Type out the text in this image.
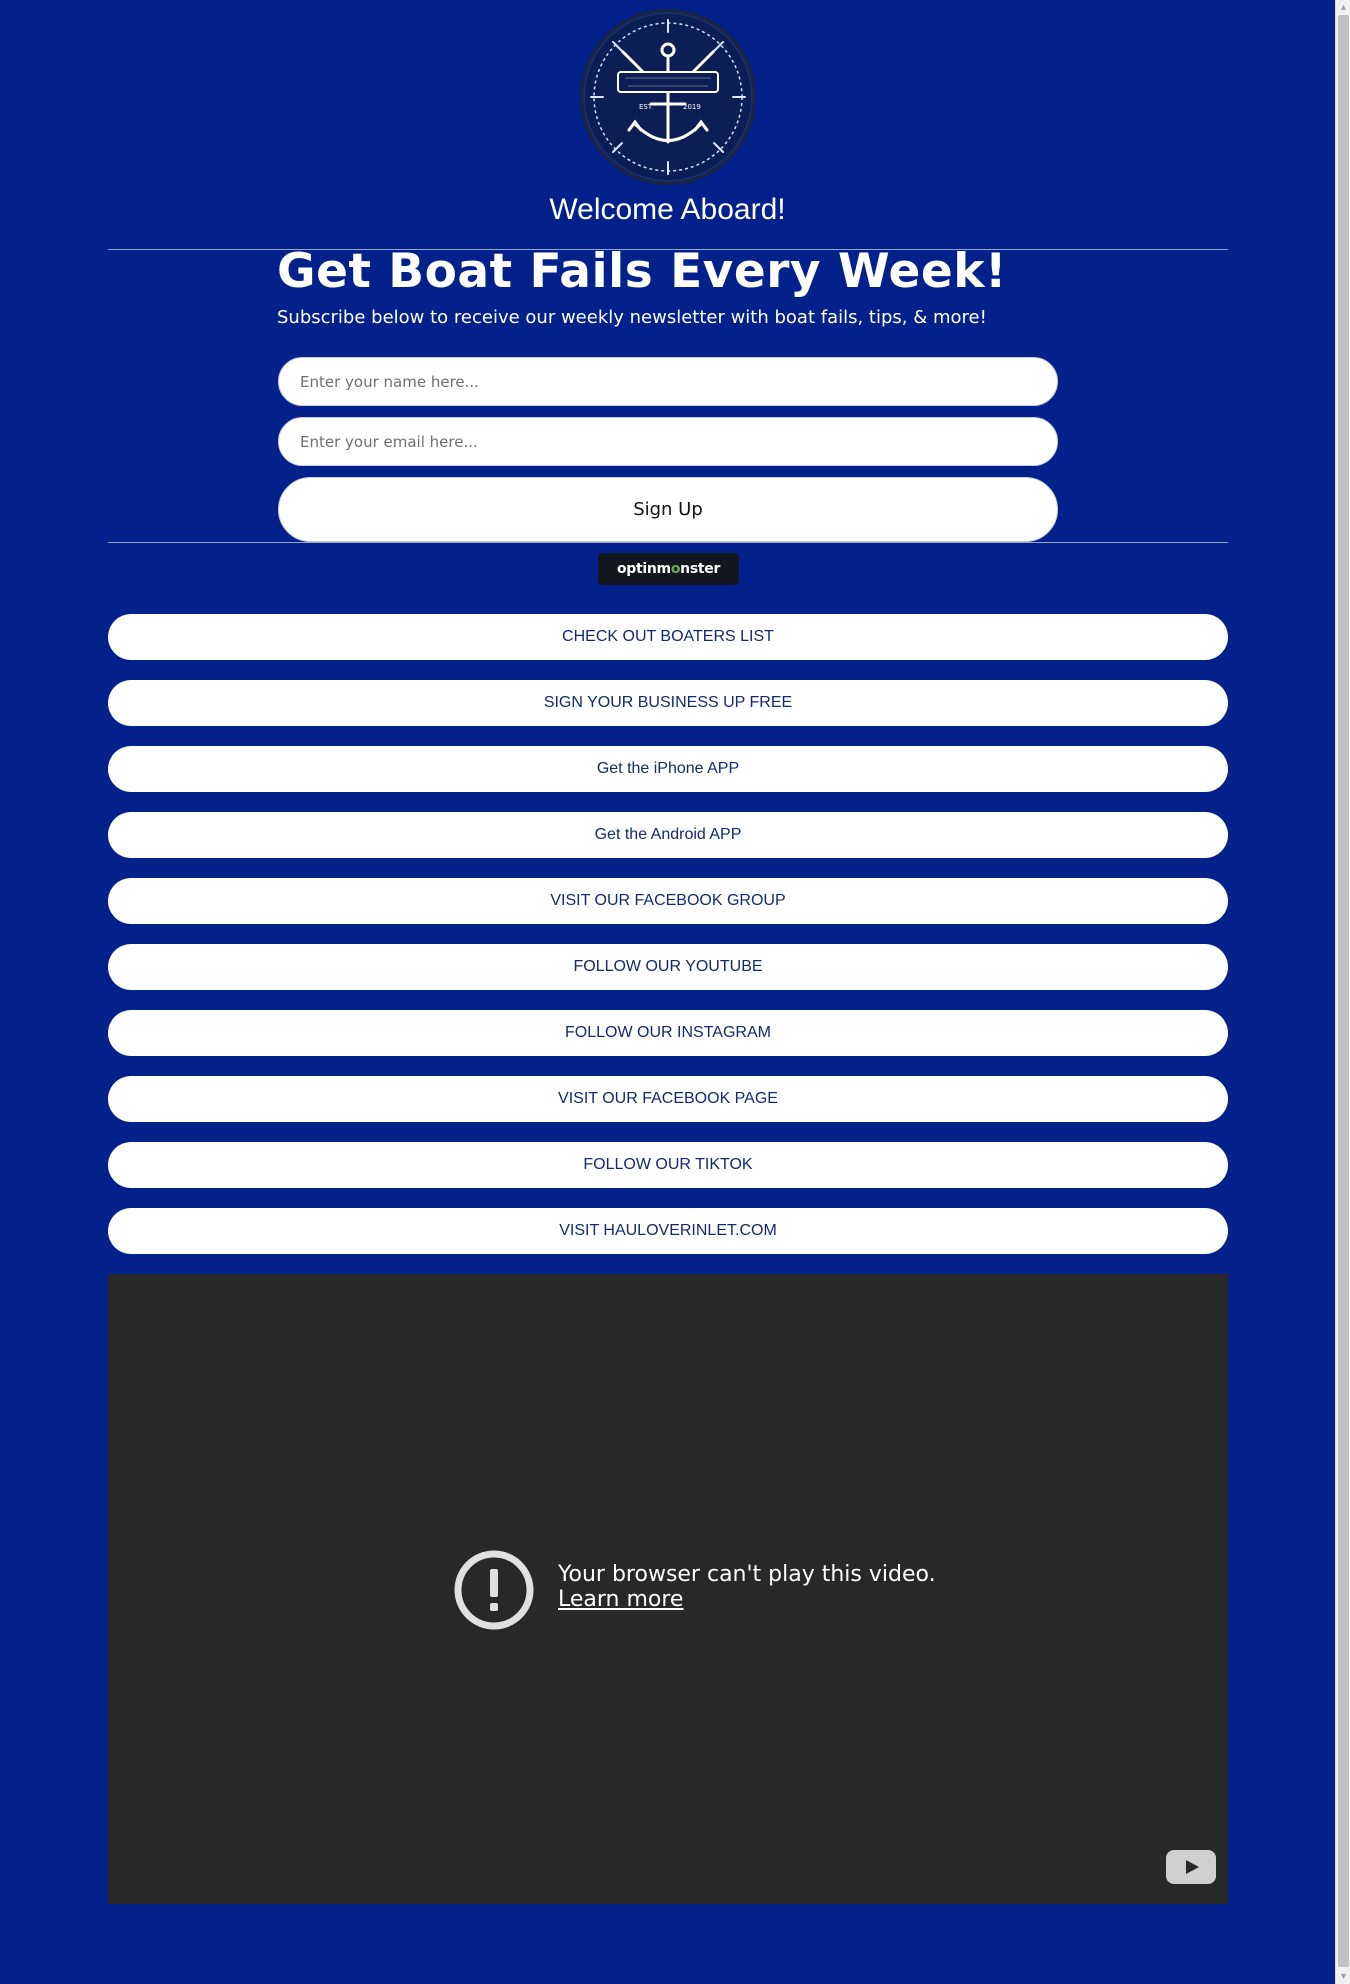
EST	2019
Welcome Aboard!
Get Boat Fails Every Week!
Subscribe below to receive our weekly newsletter with boat fails, tips, & more!
Enter your name here...
Enter your email here...
Sign Up
optinmonster
CHECK OUT BOATERS LIST
SIGN YOUR BUSINESS UP FREE
Get the iPhone APP
Get the Android APP
VISIT OUR FACEBOOK GROUP
FOLLOW OUR YOUTUBE
FOLLOW OUR INSTAGRAM
VISIT OUR FACEBOOK PAGE
FOLLOW OUR TIKTOK
VISIT HAULOVERINLET.COM
Your browser can't play this video.
Learn more
▲
▼
